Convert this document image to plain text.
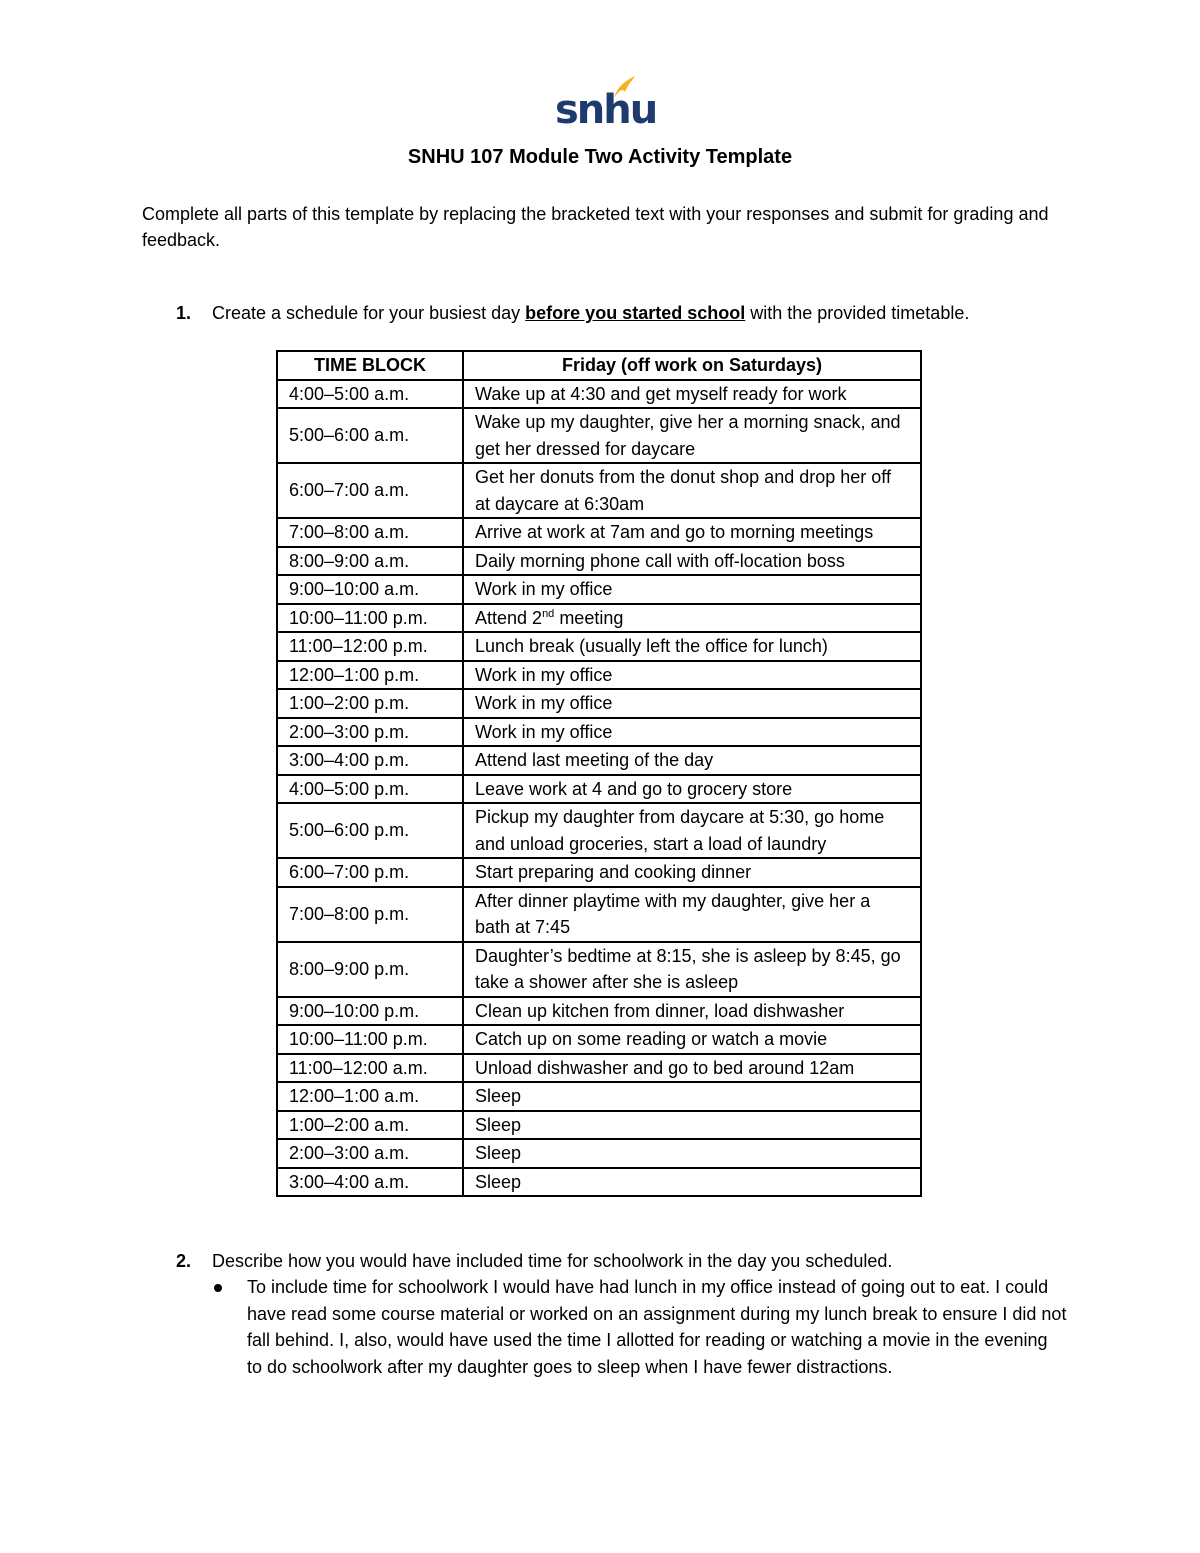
snhu
SNHU 107 Module Two Activity Template
Complete all parts of this template by replacing the bracketed text with your responses and submit for grading and feedback.
1. Create a schedule for your busiest day before you started school with the provided timetable.
TIME BLOCK	Friday (off work on Saturdays)
4:00–5:00 a.m.	Wake up at 4:30 and get myself ready for work
5:00–6:00 a.m.	Wake up my daughter, give her a morning snack, and get her dressed for daycare
6:00–7:00 a.m.	Get her donuts from the donut shop and drop her off at daycare at 6:30am
7:00–8:00 a.m.	Arrive at work at 7am and go to morning meetings
8:00–9:00 a.m.	Daily morning phone call with off-location boss
9:00–10:00 a.m.	Work in my office
10:00–11:00 p.m.	Attend 2nd meeting
11:00–12:00 p.m.	Lunch break (usually left the office for lunch)
12:00–1:00 p.m.	Work in my office
1:00–2:00 p.m.	Work in my office
2:00–3:00 p.m.	Work in my office
3:00–4:00 p.m.	Attend last meeting of the day
4:00–5:00 p.m.	Leave work at 4 and go to grocery store
5:00–6:00 p.m.	Pickup my daughter from daycare at 5:30, go home and unload groceries, start a load of laundry
6:00–7:00 p.m.	Start preparing and cooking dinner
7:00–8:00 p.m.	After dinner playtime with my daughter, give her a bath at 7:45
8:00–9:00 p.m.	Daughter’s bedtime at 8:15, she is asleep by 8:45, go take a shower after she is asleep
9:00–10:00 p.m.	Clean up kitchen from dinner, load dishwasher
10:00–11:00 p.m.	Catch up on some reading or watch a movie
11:00–12:00 a.m.	Unload dishwasher and go to bed around 12am
12:00–1:00 a.m.	Sleep
1:00–2:00 a.m.	Sleep
2:00–3:00 a.m.	Sleep
3:00–4:00 a.m.	Sleep
2. Describe how you would have included time for schoolwork in the day you scheduled.
To include time for schoolwork I would have had lunch in my office instead of going out to eat. I could have read some course material or worked on an assignment during my lunch break to ensure I did not fall behind. I, also, would have used the time I allotted for reading or watching a movie in the evening to do schoolwork after my daughter goes to sleep when I have fewer distractions.
